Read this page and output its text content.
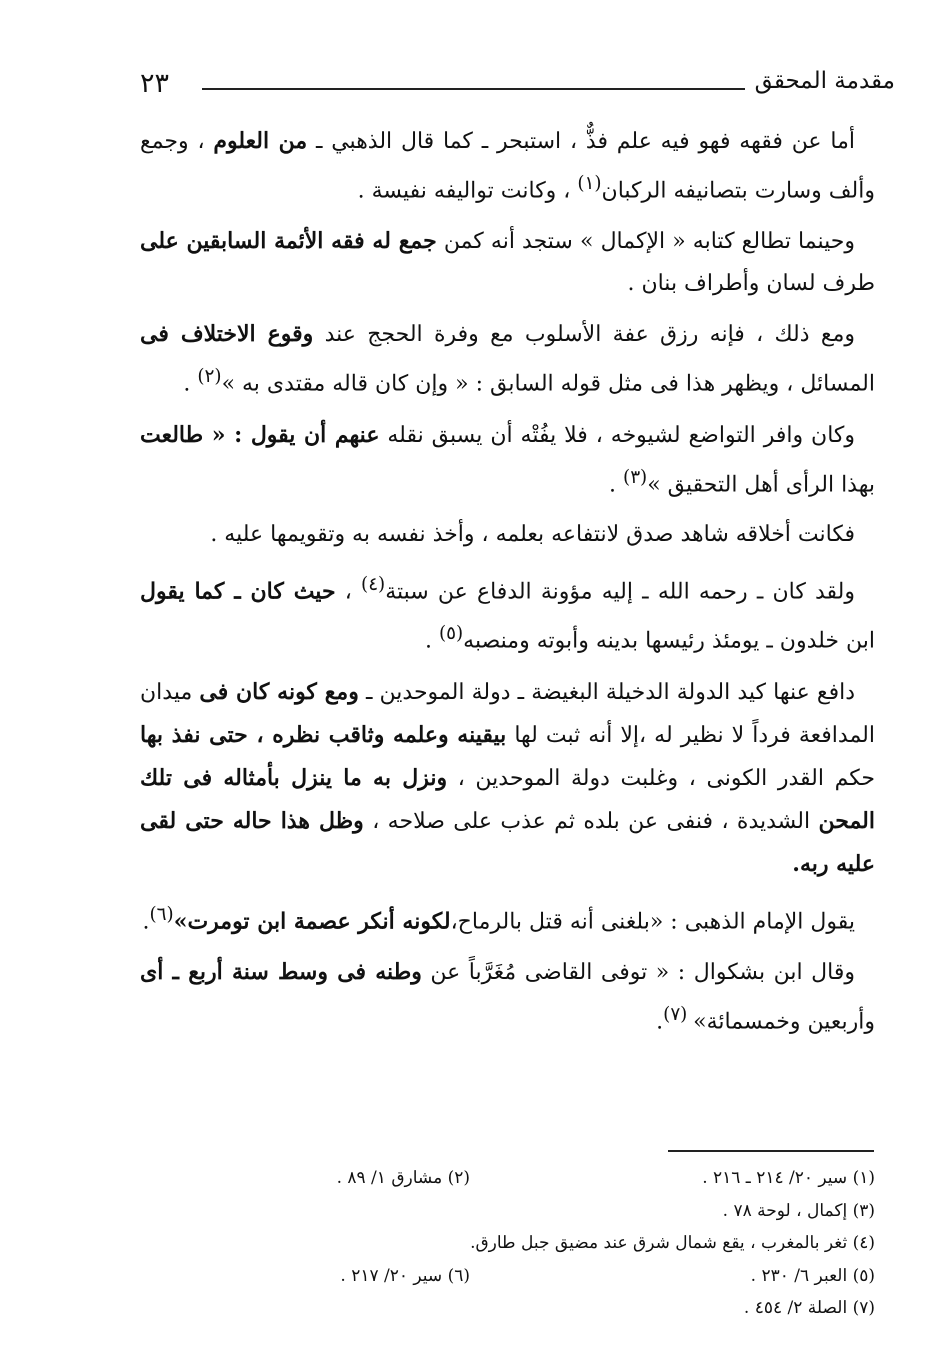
٢٣	مقدمة المحقق

أما عن فقهه فهو فيه علم فذٌّ ، استبحر ـ كما قال الذهبي ـ من العلوم ، وجمع وألف وسارت بتصانيفه الركبان$^{(١)}$ ، وكانت تواليفه نفيسة .

وحينما تطالع كتابه « الإكمال » ستجد أنه كمن جمع له فقه الأئمة السابقين على طرف لسان وأطراف بنان .

ومع ذلك ، فإنه رزق عفة الأسلوب مع وفرة الحجج عند وقوع الاختلاف فى المسائل ، ويظهر هذا فى مثل قوله السابق : « وإن كان قاله مقتدى به »$^{(٢)}$ .

وكان وافر التواضع لشيوخه ، فلا يفُتْه أن يسبق نقله عنهم أن يقول : « طالعت بهذا الرأى أهل التحقيق »$^{(٣)}$ .

فكانت أخلاقه شاهد صدق لانتفاعه بعلمه ، وأخذ نفسه به وتقويمها عليه .

ولقد كان ـ رحمه الله ـ إليه مؤونة الدفاع عن سبتة$^{(٤)}$ ، حيث كان ـ كما يقول ابن خلدون ـ يومئذ رئيسها بدينه وأبوته ومنصبه$^{(٥)}$ .

دافع عنها كيد الدولة الدخيلة البغيضة ـ دولة الموحدين ـ ومع كونه كان فى ميدان المدافعة فرداً لا نظير له ،إلا أنه ثبت لها بيقينه وعلمه وثاقب نظره ، حتى نفذ بها حكم القدر الكونى ، وغلبت دولة الموحدين ، ونزل به ما ينزل بأمثاله فى تلك المحن الشديدة ، فنفى عن بلده ثم عذب على صلاحه ، وظل هذا حاله حتى لقى عليه ربه.

يقول الإمام الذهبى : «بلغنى أنه قتل بالرماح،لكونه أنكر عصمة ابن تومرت»$^{(٦)}$.

وقال ابن بشكوال : « توفى القاضى مُغَرَّباً عن وطنه فى وسط سنة أربع ـ أى وأربعين وخمسمائة» $^{(٧)}$.

(١) سير ٢٠/ ٢١٤ ـ ٢١٦ .
(٢) مشارق ١/ ٨٩ .
(٣) إكمال ، لوحة ٧٨ .
(٤) ثغر بالمغرب ، يقع شمال شرق عند مضيق جبل طارق.
(٥) العبر ٦/ ٢٣٠ .
(٦) سير ٢٠/ ٢١٧ .
(٧) الصلة ٢/ ٤٥٤ .
